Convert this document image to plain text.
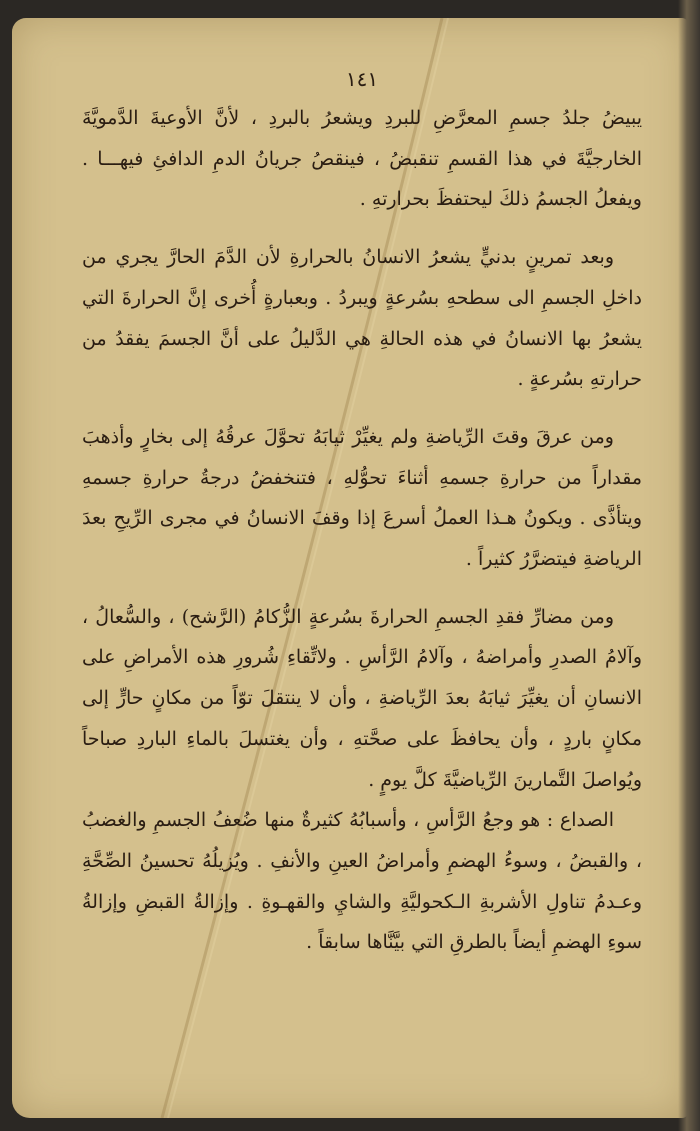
١٤١

يبيضُ جلدُ جسمِ المعرَّضِ للبردِ ويشعرُ بالبردِ ، لأنَّ الأوعيةَ الدَّمويَّةَ الخارجيَّةَ في هذا القسمِ تنقبضُ ، فينقصُ جريانُ الدمِ الدافئِ فيهـــا . ويفعلُ الجسمُ ذلكَ ليحتفظَ بحرارتهِ .

وبعد تمرينٍ بدنيٍّ يشعرُ الانسانُ بالحرارةِ لأن الدَّمَ الحارَّ يجري من داخلِ الجسمِ الى سطحهِ بسُرعةٍ ويبردُ . وبعبارةٍ أُخرى إنَّ الحرارةَ التي يشعرُ بها الانسانُ في هذه الحالةِ هي الدَّليلُ على أنَّ الجسمَ يفقدُ من حرارتهِ بسُرعةٍ .

ومن عرقَ وقتَ الرِّياضةِ ولم يغيِّرْ ثيابَهُ تحوَّلَ عرقُهُ إلى بخارٍ وأذهبَ مقداراً من حرارةِ جسمهِ أثناءَ تحوُّلهِ ، فتنخفضُ درجةُ حرارةِ جسمهِ ويتأذَّى . ويكونُ هـذا العملُ أسرعَ إذا وقفَ الانسانُ في مجرى الرِّيحِ بعدَ الرياضةِ فيتضرَّرُ كثيراً .

ومن مضارِّ فقدِ الجسمِ الحرارةَ بسُرعةٍ الزُّكامُ (الرَّشح) ، والسُّعالُ ، وآلامُ الصدرِ وأمراضهُ ، وآلامُ الرَّأسِ . ولاتِّقاءِ شُرورِ هذه الأمراضِ على الانسانِ أن يغيِّرَ ثيابَهُ بعدَ الرِّياضةِ ، وأن لا ينتقلَ توّاً من مكانٍ حارٍّ إلى مكانٍ باردٍ ، وأن يحافظَ على صحَّتهِ ، وأن يغتسلَ بالماءِ الباردِ صباحاً ويُواصلَ التَّمارينَ الرِّياضيَّةَ كلَّ يومٍ .

الصداع : هو وجعُ الرَّأسِ ، وأسبابُهُ كثيرةٌ منها ضُعفُ الجسمِ والغضبُ ، والقبضُ ، وسوءُ الهضمِ وأمراضُ العينِ والأنفِ . ويُزيلُهُ تحسينُ الصِّحَّةِ وعـدمُ تناولِ الأشربةِ الـكحوليَّةِ والشايِ والقهـوةِ . وإزالةُ القبضِ وإزالةُ سوءِ الهضمِ أيضاً بالطرقِ التي بيَّنَّاها سابقاً .
